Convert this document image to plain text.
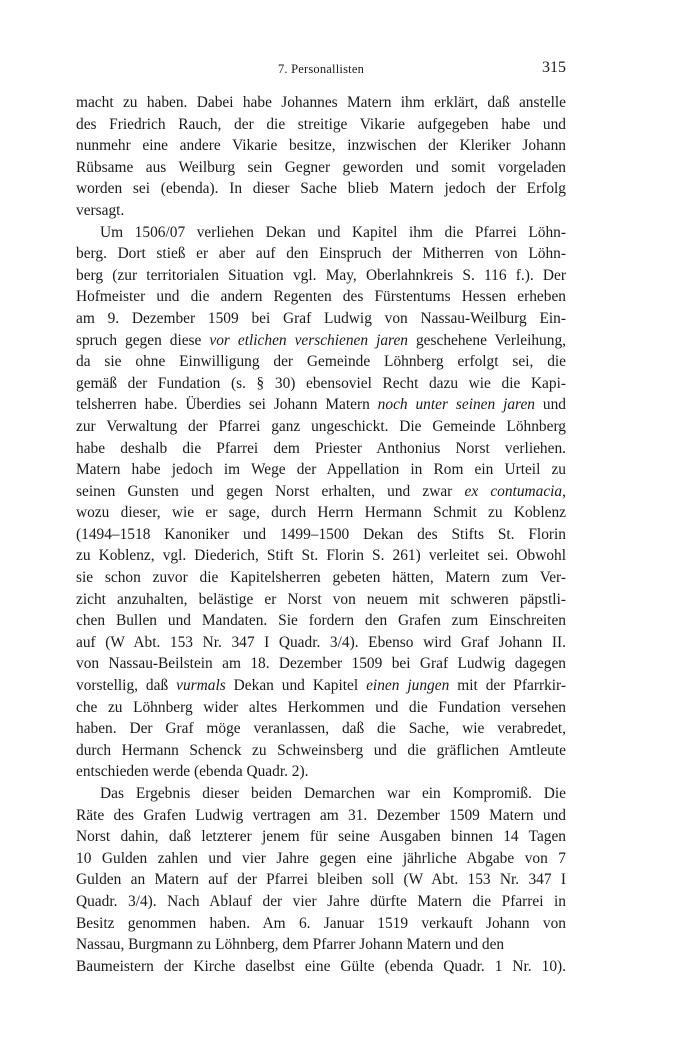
7. Personallisten	315
macht zu haben. Dabei habe Johannes Matern ihm erklärt, daß anstelle
des Friedrich Rauch, der die streitige Vikarie aufgegeben habe und
nunmehr eine andere Vikarie besitze, inzwischen der Kleriker Johann
Rübsame aus Weilburg sein Gegner geworden und somit vorgeladen
worden sei (ebenda). In dieser Sache blieb Matern jedoch der Erfolg
versagt.
Um 1506/07 verliehen Dekan und Kapitel ihm die Pfarrei Löhn-
berg. Dort stieß er aber auf den Einspruch der Mitherren von Löhn-
berg (zur territorialen Situation vgl. May, Oberlahnkreis S. 116 f.). Der
Hofmeister und die andern Regenten des Fürstentums Hessen erheben
am 9. Dezember 1509 bei Graf Ludwig von Nassau-Weilburg Ein-
spruch gegen diese vor etlichen verschienen jaren geschehene Verleihung,
da sie ohne Einwilligung der Gemeinde Löhnberg erfolgt sei, die
gemäß der Fundation (s. § 30) ebensoviel Recht dazu wie die Kapi-
telsherren habe. Überdies sei Johann Matern noch unter seinen jaren und
zur Verwaltung der Pfarrei ganz ungeschickt. Die Gemeinde Löhnberg
habe deshalb die Pfarrei dem Priester Anthonius Norst verliehen.
Matern habe jedoch im Wege der Appellation in Rom ein Urteil zu
seinen Gunsten und gegen Norst erhalten, und zwar ex contumacia,
wozu dieser, wie er sage, durch Herrn Hermann Schmit zu Koblenz
(1494–1518 Kanoniker und 1499–1500 Dekan des Stifts St. Florin
zu Koblenz, vgl. Diederich, Stift St. Florin S. 261) verleitet sei. Obwohl
sie schon zuvor die Kapitelsherren gebeten hätten, Matern zum Ver-
zicht anzuhalten, belästige er Norst von neuem mit schweren päpstli-
chen Bullen und Mandaten. Sie fordern den Grafen zum Einschreiten
auf (W Abt. 153 Nr. 347 I Quadr. 3/4). Ebenso wird Graf Johann II.
von Nassau-Beilstein am 18. Dezember 1509 bei Graf Ludwig dagegen
vorstellig, daß vurmals Dekan und Kapitel einen jungen mit der Pfarrkir-
che zu Löhnberg wider altes Herkommen und die Fundation versehen
haben. Der Graf möge veranlassen, daß die Sache, wie verabredet,
durch Hermann Schenck zu Schweinsberg und die gräflichen Amtleute
entschieden werde (ebenda Quadr. 2).
Das Ergebnis dieser beiden Demarchen war ein Kompromiß. Die
Räte des Grafen Ludwig vertragen am 31. Dezember 1509 Matern und
Norst dahin, daß letzterer jenem für seine Ausgaben binnen 14 Tagen
10 Gulden zahlen und vier Jahre gegen eine jährliche Abgabe von 7
Gulden an Matern auf der Pfarrei bleiben soll (W Abt. 153 Nr. 347 I
Quadr. 3/4). Nach Ablauf der vier Jahre dürfte Matern die Pfarrei in
Besitz genommen haben. Am 6. Januar 1519 verkauft Johann von
Nassau, Burgmann zu Löhnberg, dem Pfarrer Johann Matern und den
Baumeistern der Kirche daselbst eine Gülte (ebenda Quadr. 1 Nr. 10).
